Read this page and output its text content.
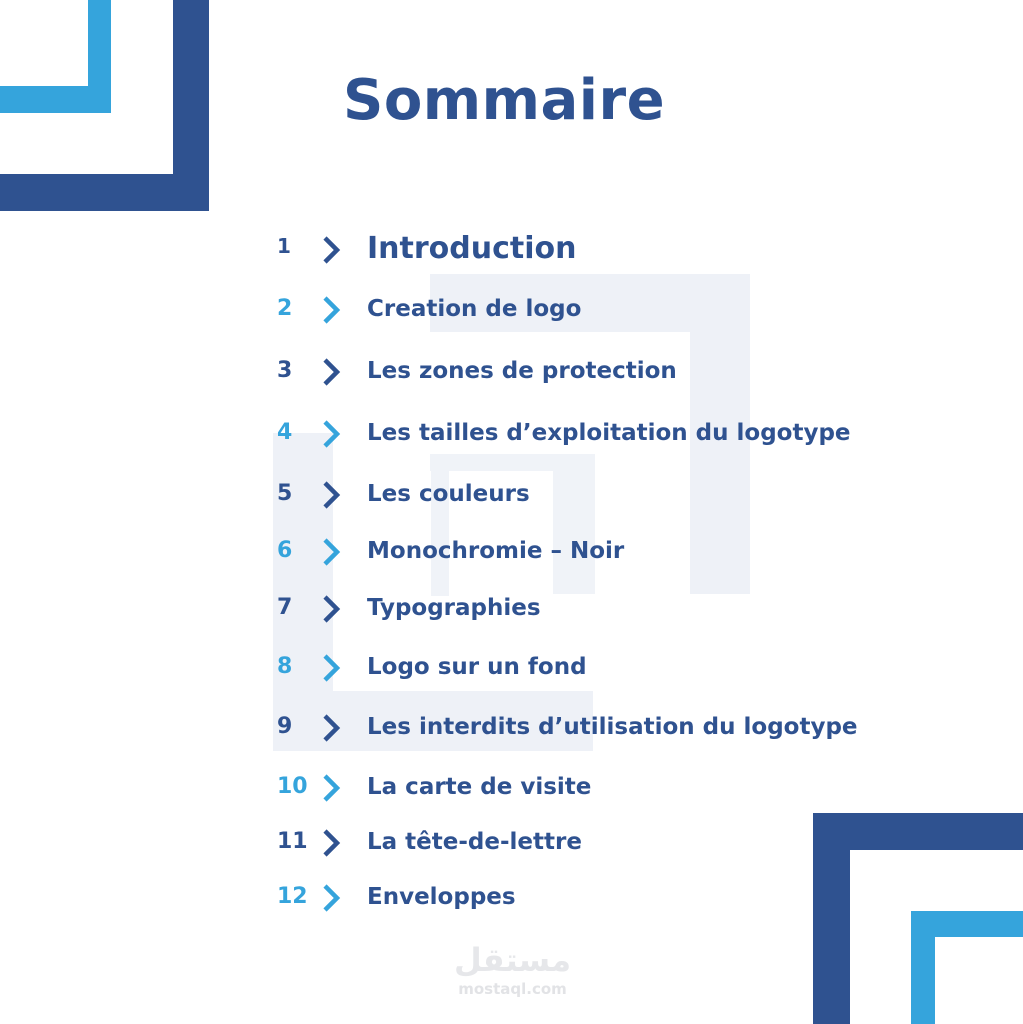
Sommaire
1	Introduction
2	Creation de logo
3	Les zones de protection
4	Les tailles d’exploitation du logotype
5	Les couleurs
6	Monochromie – Noir
7	Typographies
8	Logo sur un fond
9	Les interdits d’utilisation du logotype
10	La carte de visite
11	La tête-de-lettre
12	Enveloppes
مستقل
mostaql.com
